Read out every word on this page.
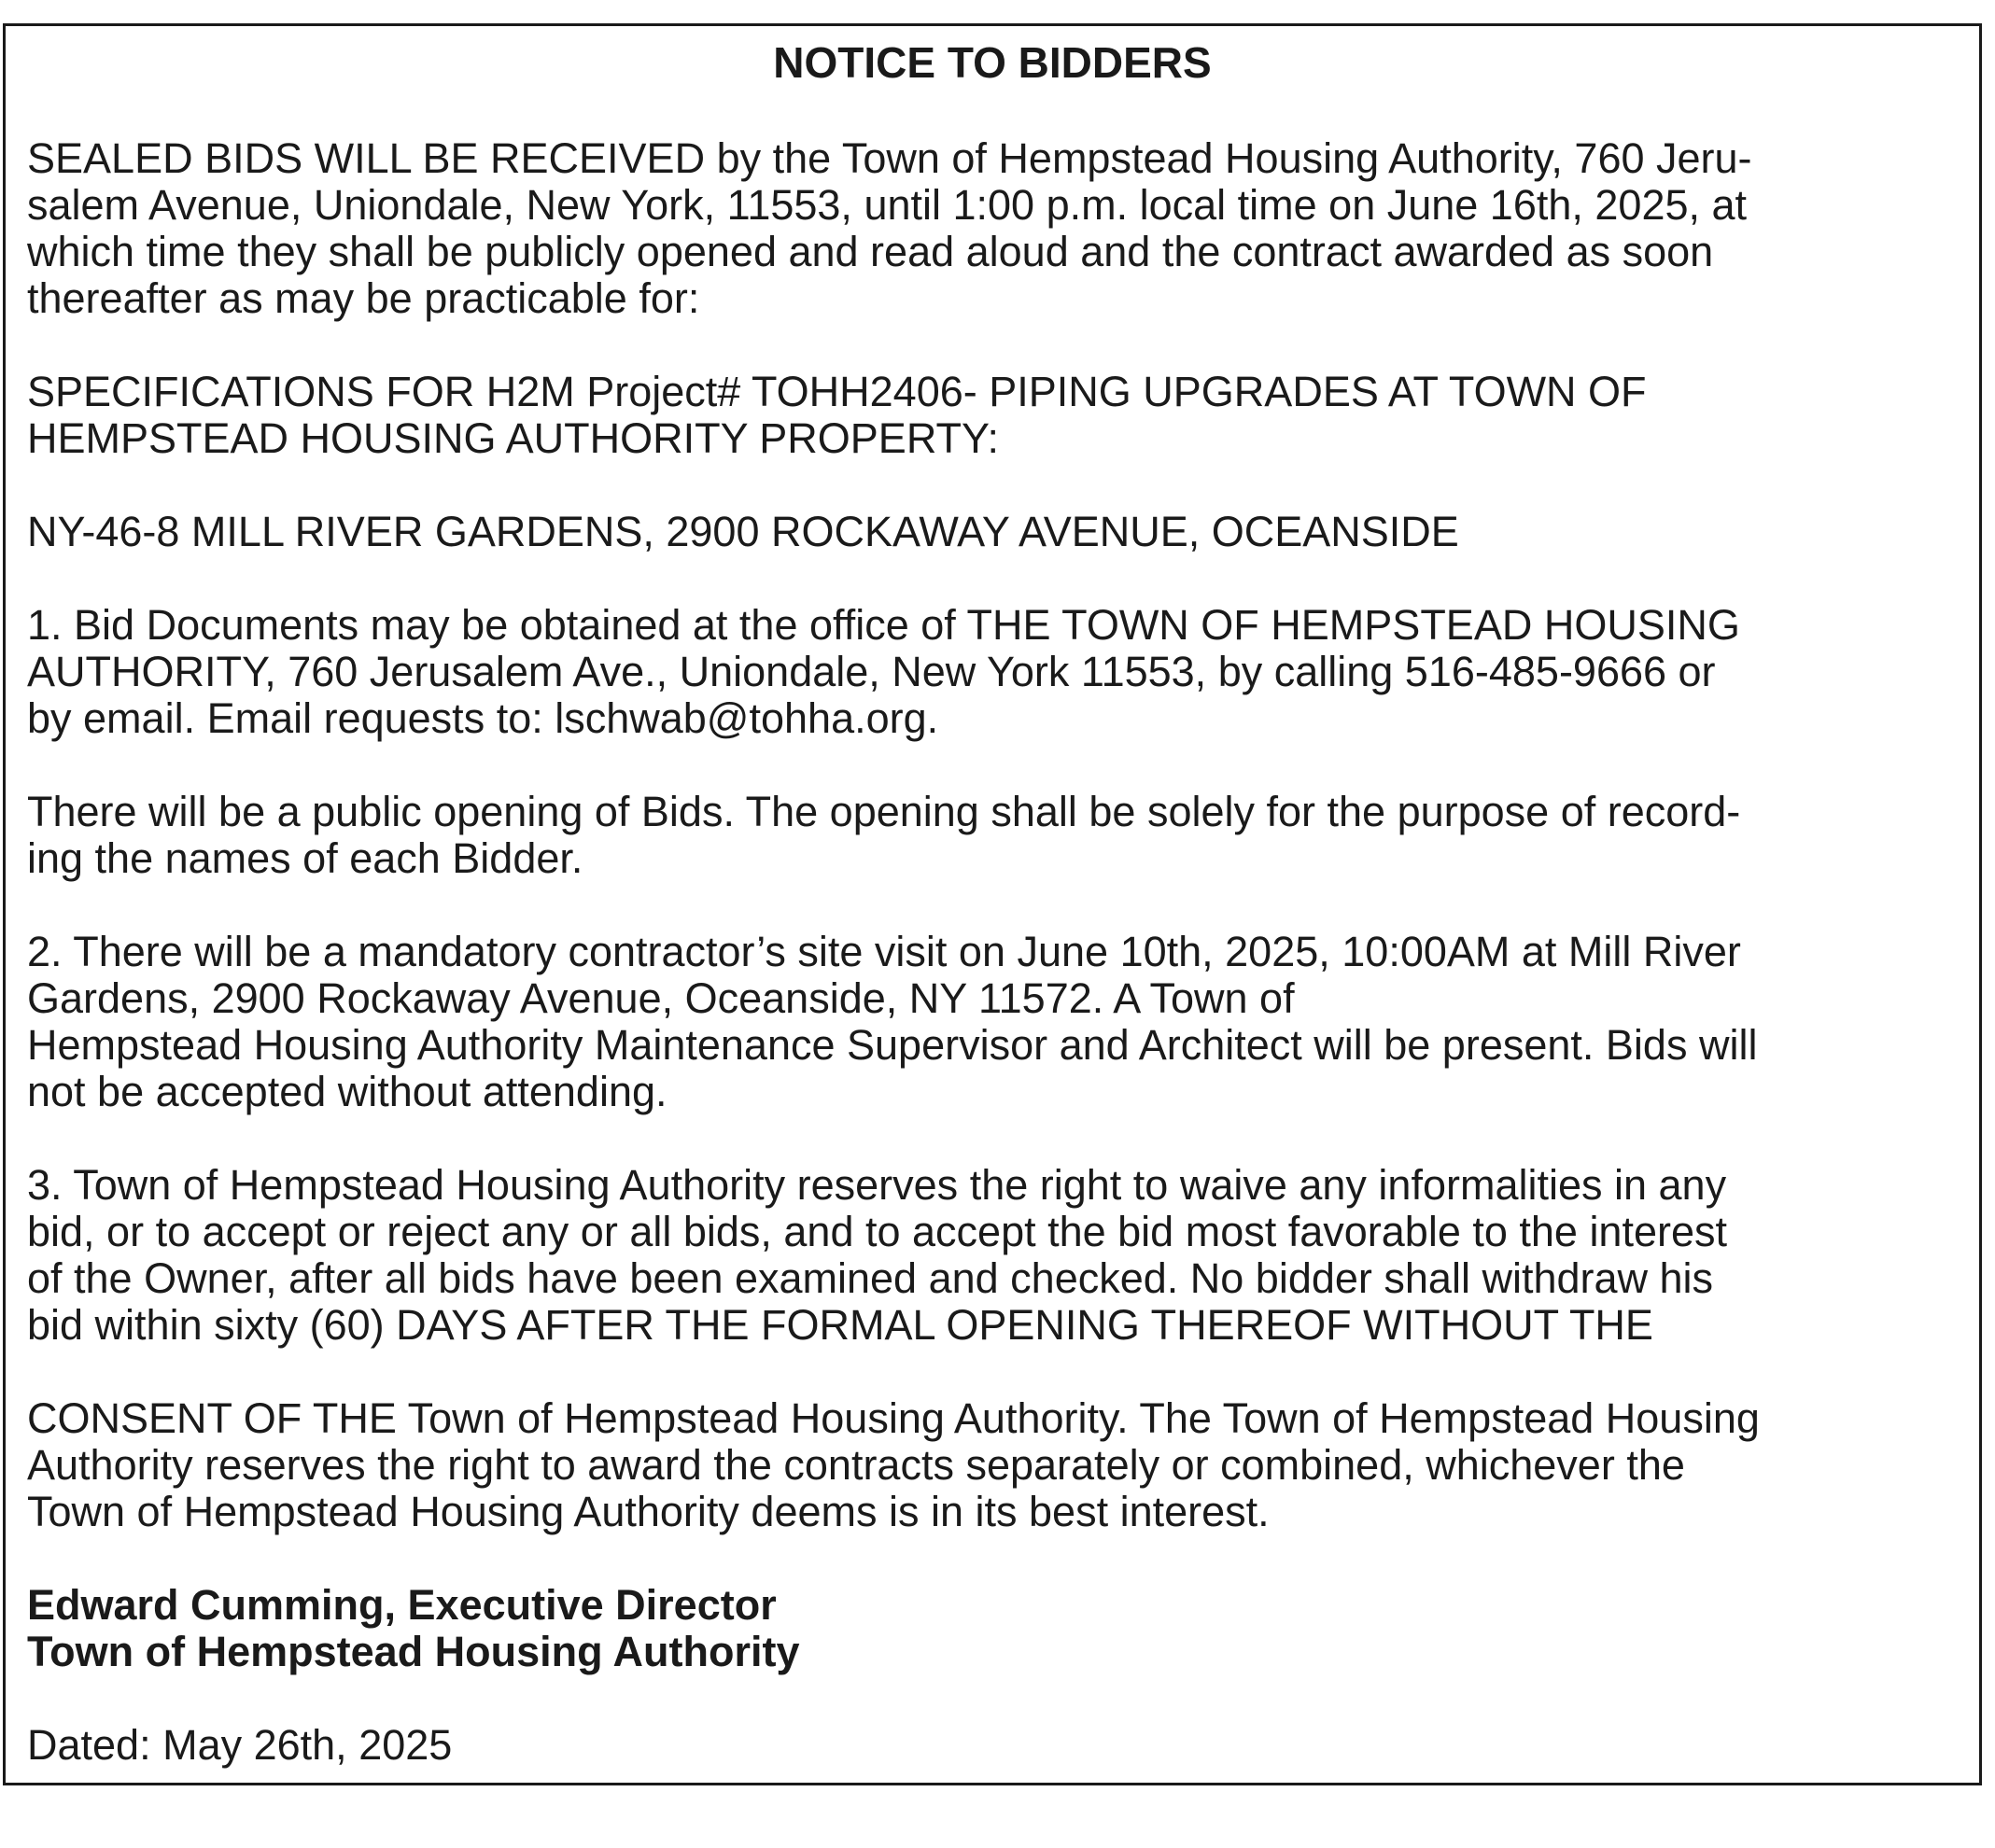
NOTICE TO BIDDERS

SEALED BIDS WILL BE RECEIVED by the Town of Hempstead Housing Authority, 760 Jeru-
salem Avenue, Uniondale, New York, 11553, until 1:00 p.m. local time on June 16th, 2025, at
which time they shall be publicly opened and read aloud and the contract awarded as soon
thereafter as may be practicable for:

SPECIFICATIONS FOR H2M Project# TOHH2406- PIPING UPGRADES AT TOWN OF
HEMPSTEAD HOUSING AUTHORITY PROPERTY:

NY-46-8 MILL RIVER GARDENS, 2900 ROCKAWAY AVENUE, OCEANSIDE

1. Bid Documents may be obtained at the office of THE TOWN OF HEMPSTEAD HOUSING
AUTHORITY, 760 Jerusalem Ave., Uniondale, New York 11553, by calling 516-485-9666 or
by email. Email requests to: lschwab@tohha.org.

There will be a public opening of Bids. The opening shall be solely for the purpose of record-
ing the names of each Bidder.

2. There will be a mandatory contractor’s site visit on June 10th, 2025, 10:00AM at Mill River
Gardens, 2900 Rockaway Avenue, Oceanside, NY 11572. A Town of
Hempstead Housing Authority Maintenance Supervisor and Architect will be present. Bids will
not be accepted without attending.

3. Town of Hempstead Housing Authority reserves the right to waive any informalities in any
bid, or to accept or reject any or all bids, and to accept the bid most favorable to the interest
of the Owner, after all bids have been examined and checked. No bidder shall withdraw his
bid within sixty (60) DAYS AFTER THE FORMAL OPENING THEREOF WITHOUT THE

CONSENT OF THE Town of Hempstead Housing Authority. The Town of Hempstead Housing
Authority reserves the right to award the contracts separately or combined, whichever the
Town of Hempstead Housing Authority deems is in its best interest.

Edward Cumming, Executive Director
Town of Hempstead Housing Authority

Dated: May 26th, 2025
